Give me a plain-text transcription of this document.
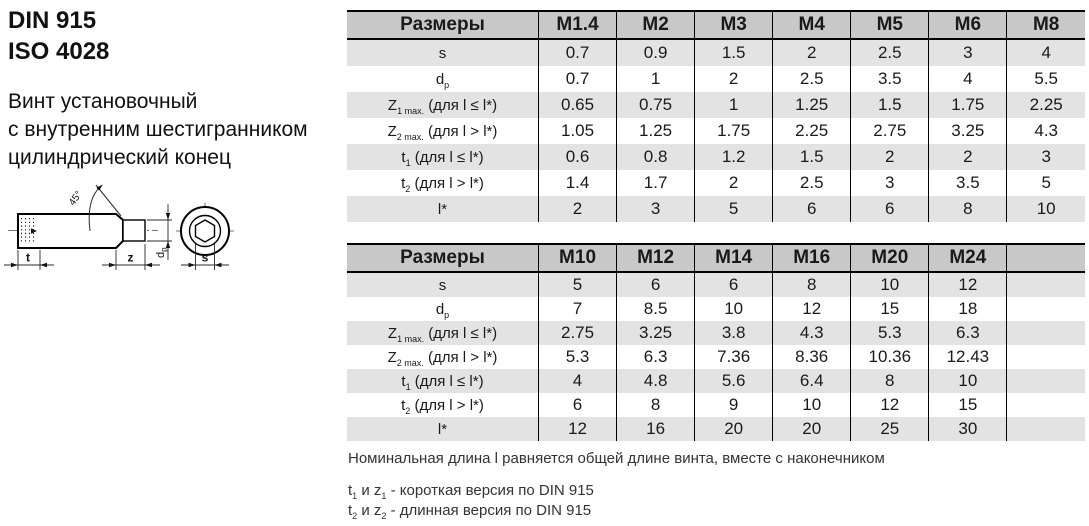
DIN 915
ISO 4028
Винт установочный
с внутренним шестигранником
цилиндрический конец
45°
t	z $d_p$
s
Размеры	M1.4	M2	M3	M4	M5	M6	M8
s	0.7	0.9	1.5	2	2.5	3	4
$d_p$	0.7	1	2	2.5	3.5	4	5.5
$Z_{1 max.}$ (для l ≤ l*)	0.65	0.75	1	1.25	1.5	1.75	2.25
$Z_{2 max.}$ (для l > l*)	1.05	1.25	1.75	2.25	2.75	3.25	4.3
$t_1$ (для l ≤ l*)	0.6	0.8	1.2	1.5	2	2	3
$t_2$ (для l > l*)	1.4	1.7	2	2.5	3	3.5	5
l*	2	3	5	6	6	8	10
Размеры	M10	M12	M14	M16	M20	M24	
s	5	6	6	8	10	12	
$d_p$	7	8.5	10	12	15	18	
$Z_{1 max.}$ (для l ≤ l*)	2.75	3.25	3.8	4.3	5.3	6.3	
$Z_{2 max.}$ (для l > l*)	5.3	6.3	7.36	8.36	10.36	12.43	
$t_1$ (для l ≤ l*)	4	4.8	5.6	6.4	8	10	
$t_2$ (для l > l*)	6	8	9	10	12	15	
l*	12	16	20	20	25	30	
Номинальная длина l равняется общей длине винта, вместе с наконечником
$t_1$ и $z_1$ - короткая версия по DIN 915
$t_2$ и $z_2$ - длинная версия по DIN 915
